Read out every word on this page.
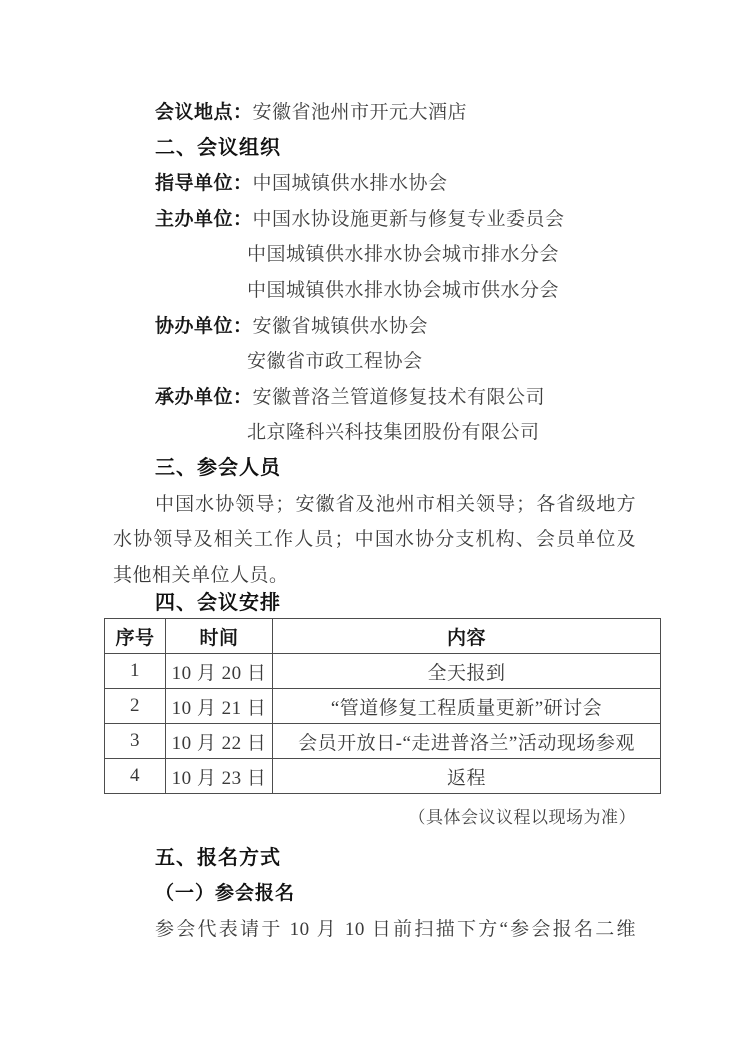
会议地点：安徽省池州市开元大酒店
二、会议组织
指导单位：中国城镇供水排水协会
主办单位：中国水协设施更新与修复专业委员会
中国城镇供水排水协会城市排水分会
中国城镇供水排水协会城市供水分会
协办单位：安徽省城镇供水协会
安徽省市政工程协会
承办单位：安徽普洛兰管道修复技术有限公司
北京隆科兴科技集团股份有限公司
三、参会人员
中国水协领导；安徽省及池州市相关领导；各省级地方
水协领导及相关工作人员；中国水协分支机构、会员单位及
其他相关单位人员。
四、会议安排
序号	时间	内容
1	10 月 20 日	全天报到
2	10 月 21 日	“管道修复工程质量更新”研讨会
3	10 月 22 日	会员开放日-“走进普洛兰”活动现场参观
4	10 月 23 日	返程
（具体会议议程以现场为准）
五、报名方式
（一）参会报名
参会代表请于 10 月 10 日前扫描下方“参会报名二维
